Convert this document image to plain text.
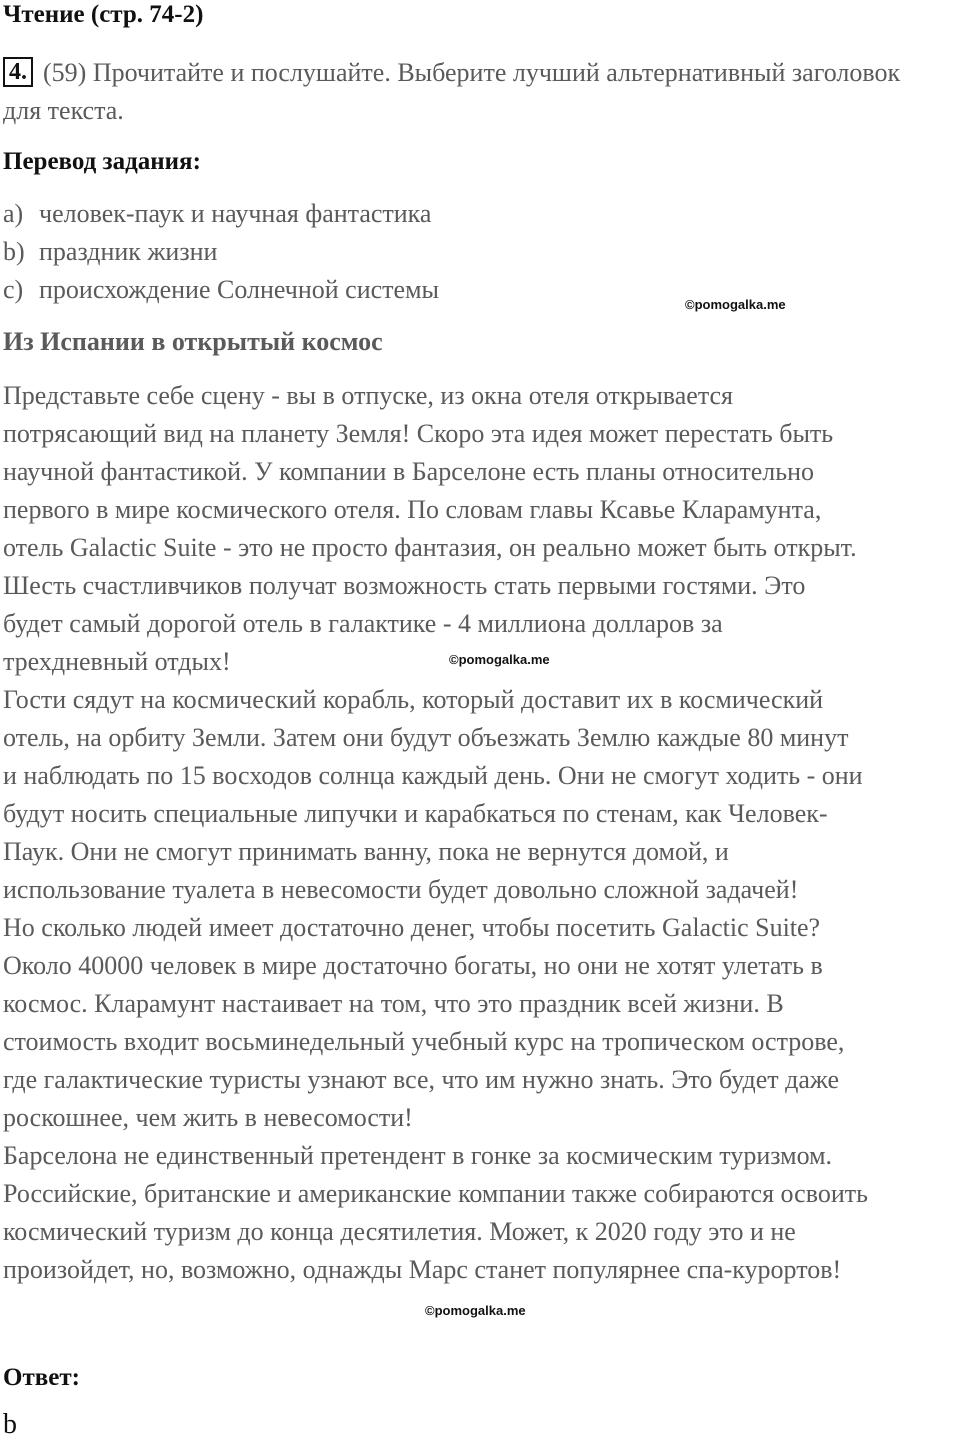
Чтение (стр. 74-2)
4. (59) Прочитайте и послушайте. Выберите лучший альтернативный заголовок для текста.
Перевод задания:
a) человек-паук и научная фантастика
b) праздник жизни
c) происхождение Солнечной системы
©pomogalka.me
Из Испании в открытый космос
Представьте себе сцену - вы в отпуске, из окна отеля открывается
потрясающий вид на планету Земля! Скоро эта идея может перестать быть
научной фантастикой. У компании в Барселоне есть планы относительно
первого в мире космического отеля. По словам главы Ксавье Кларамунта,
отель Galactic Suite - это не просто фантазия, он реально может быть открыт.
Шесть счастливчиков получат возможность стать первыми гостями. Это
будет самый дорогой отель в галактике - 4 миллиона долларов за
трехдневный отдых!
Гости сядут на космический корабль, который доставит их в космический
отель, на орбиту Земли. Затем они будут объезжать Землю каждые 80 минут
и наблюдать по 15 восходов солнца каждый день. Они не смогут ходить - они
будут носить специальные липучки и карабкаться по стенам, как Человек-
Паук. Они не смогут принимать ванну, пока не вернутся домой, и
использование туалета в невесомости будет довольно сложной задачей!
Но сколько людей имеет достаточно денег, чтобы посетить Galactic Suite?
Около 40000 человек в мире достаточно богаты, но они не хотят улетать в
космос. Кларамунт настаивает на том, что это праздник всей жизни. В
стоимость входит восьминедельный учебный курс на тропическом острове,
где галактические туристы узнают все, что им нужно знать. Это будет даже
роскошнее, чем жить в невесомости!
Барселона не единственный претендент в гонке за космическим туризмом.
Российские, британские и американские компании также собираются освоить
космический туризм до конца десятилетия. Может, к 2020 году это и не
произойдет, но, возможно, однажды Марс станет популярнее спа-курортов!
©pomogalka.me
©pomogalka.me
Ответ:
b
